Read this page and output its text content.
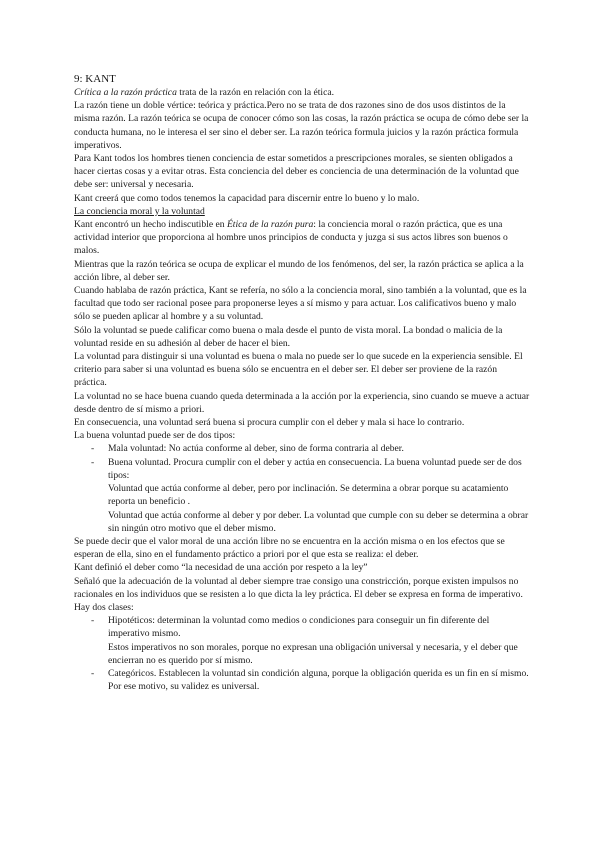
9: KANT

Crítica a la razón práctica trata de la razón en relación con la ética.

La razón tiene un doble vértice: teórica y práctica.Pero no se trata de dos razones sino de dos usos distintos de la misma razón. La razón teórica se ocupa de conocer cómo son las cosas, la razón práctica se ocupa de cómo debe ser la conducta humana, no le interesa el ser sino el deber ser. La razón teórica formula juicios y la razón práctica formula imperativos.

Para Kant todos los hombres tienen conciencia de estar sometidos a prescripciones morales, se sienten obligados a hacer ciertas cosas y a evitar otras. Esta conciencia del deber es conciencia de una determinación de la voluntad que debe ser: universal y necesaria.

Kant creerá que como todos tenemos la capacidad para discernir entre lo bueno y lo malo.

La conciencia moral y la voluntad

Kant encontró un hecho indiscutible en Ética de la razón pura: la conciencia moral o razón práctica, que es una actividad interior que proporciona al hombre unos principios de conducta y juzga si sus actos libres son buenos o malos.

Mientras que la razón teórica se ocupa de explicar el mundo de los fenómenos, del ser, la razón práctica se aplica a la acción libre, al deber ser.

Cuando hablaba de razón práctica, Kant se refería, no sólo a la conciencia moral, sino también a la voluntad, que es la facultad que todo ser racional posee para proponerse leyes a sí mismo y para actuar. Los calificativos bueno y malo sólo se pueden aplicar al hombre y a su voluntad.

Sólo la voluntad se puede calificar como buena o mala desde el punto de vista moral. La bondad o malicia de la voluntad reside en su adhesión al deber de hacer el bien.

La voluntad para distinguir si una voluntad es buena o mala no puede ser lo que sucede en la experiencia sensible. El criterio para saber si una voluntad es buena sólo se encuentra en el deber ser. El deber ser proviene de la razón práctica.

La voluntad no se hace buena cuando queda determinada a la acción por la experiencia, sino cuando se mueve a actuar desde dentro de sí mismo a priori.

En consecuencia, una voluntad será buena si procura cumplir con el deber y mala si hace lo contrario.

La buena voluntad puede ser de dos tipos:

- Mala voluntad: No actúa conforme al deber, sino de forma contraria al deber.

- Buena voluntad. Procura cumplir con el deber y actúa en consecuencia. La buena voluntad puede ser de dos tipos:

Voluntad que actúa conforme al deber, pero por inclinación. Se determina a obrar porque su acatamiento reporta un beneficio .

Voluntad que actúa conforme al deber y por deber. La voluntad que cumple con su deber se determina a obrar sin ningún otro motivo que el deber mismo.

Se puede decir que el valor moral de una acción libre no se encuentra en la acción misma o en los efectos que se esperan de ella, sino en el fundamento práctico a priori por el que esta se realiza: el deber.

Kant definió el deber como “la necesidad de una acción por respeto a la ley”

Señaló que la adecuación de la voluntad al deber siempre trae consigo una constricción, porque existen impulsos no racionales en los individuos que se resisten a lo que dicta la ley práctica. El deber se expresa en forma de imperativo. Hay dos clases:

- Hipotéticos: determinan la voluntad como medios o condiciones para conseguir un fin diferente del imperativo mismo.

Estos imperativos no son morales, porque no expresan una obligación universal y necesaria, y el deber que encierran no es querido por sí mismo.

- Categóricos. Establecen la voluntad sin condición alguna, porque la obligación querida es un fin en sí mismo. Por ese motivo, su validez es universal.
